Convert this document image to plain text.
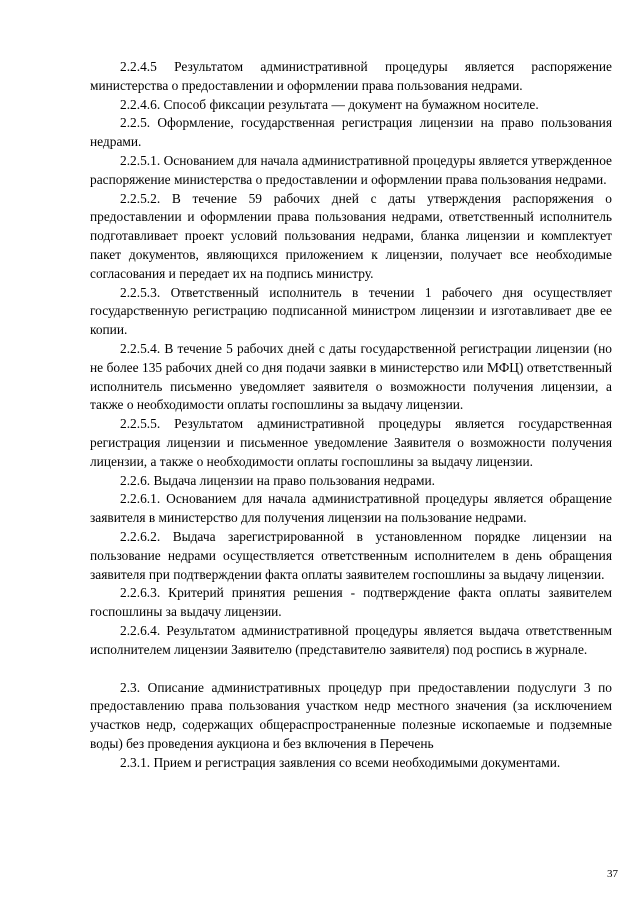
2.2.4.5 Результатом административной процедуры является распоряжение министерства о предоставлении и оформлении права пользования недрами.

2.2.4.6. Способ фиксации результата — документ на бумажном носителе.

2.2.5. Оформление, государственная регистрация лицензии на право пользования недрами.

2.2.5.1. Основанием для начала административной процедуры является утвержденное распоряжение министерства о предоставлении и оформлении права пользования недрами.

2.2.5.2. В течение 59 рабочих дней с даты утверждения распоряжения о предоставлении и оформлении права пользования недрами, ответственный исполнитель подготавливает проект условий пользования недрами, бланка лицензии и комплектует пакет документов, являющихся приложением к лицензии, получает все необходимые согласования и передает их на подпись министру.

2.2.5.3. Ответственный исполнитель в течении 1 рабочего дня осуществляет государственную регистрацию подписанной министром лицензии и изготавливает две ее копии.

2.2.5.4. В течение 5 рабочих дней с даты государственной регистрации лицензии (но не более 135 рабочих дней со дня подачи заявки в министерство или МФЦ) ответственный исполнитель письменно уведомляет заявителя о возможности получения лицензии, а также о необходимости оплаты госпошлины за выдачу лицензии.

2.2.5.5. Результатом административной процедуры является государственная регистрация лицензии и письменное уведомление Заявителя о возможности получения лицензии, а также о необходимости оплаты госпошлины за выдачу лицензии.

2.2.6. Выдача лицензии на право пользования недрами.

2.2.6.1. Основанием для начала административной процедуры является обращение заявителя в министерство для получения лицензии на пользование недрами.

2.2.6.2. Выдача зарегистрированной в установленном порядке лицензии на пользование недрами осуществляется ответственным исполнителем в день обращения заявителя при подтверждении факта оплаты заявителем госпошлины за выдачу лицензии.

2.2.6.3. Критерий принятия решения - подтверждение факта оплаты заявителем госпошлины за выдачу лицензии.

2.2.6.4. Результатом административной процедуры является выдача ответственным исполнителем лицензии Заявителю (представителю заявителя) под роспись в журнале.

2.3. Описание административных процедур при предоставлении подуслуги 3 по предоставлению права пользования участком недр местного значения (за исключением участков недр, содержащих общераспространенные полезные ископаемые и подземные воды) без проведения аукциона и без включения в Перечень

2.3.1. Прием и регистрация заявления со всеми необходимыми документами.

37
